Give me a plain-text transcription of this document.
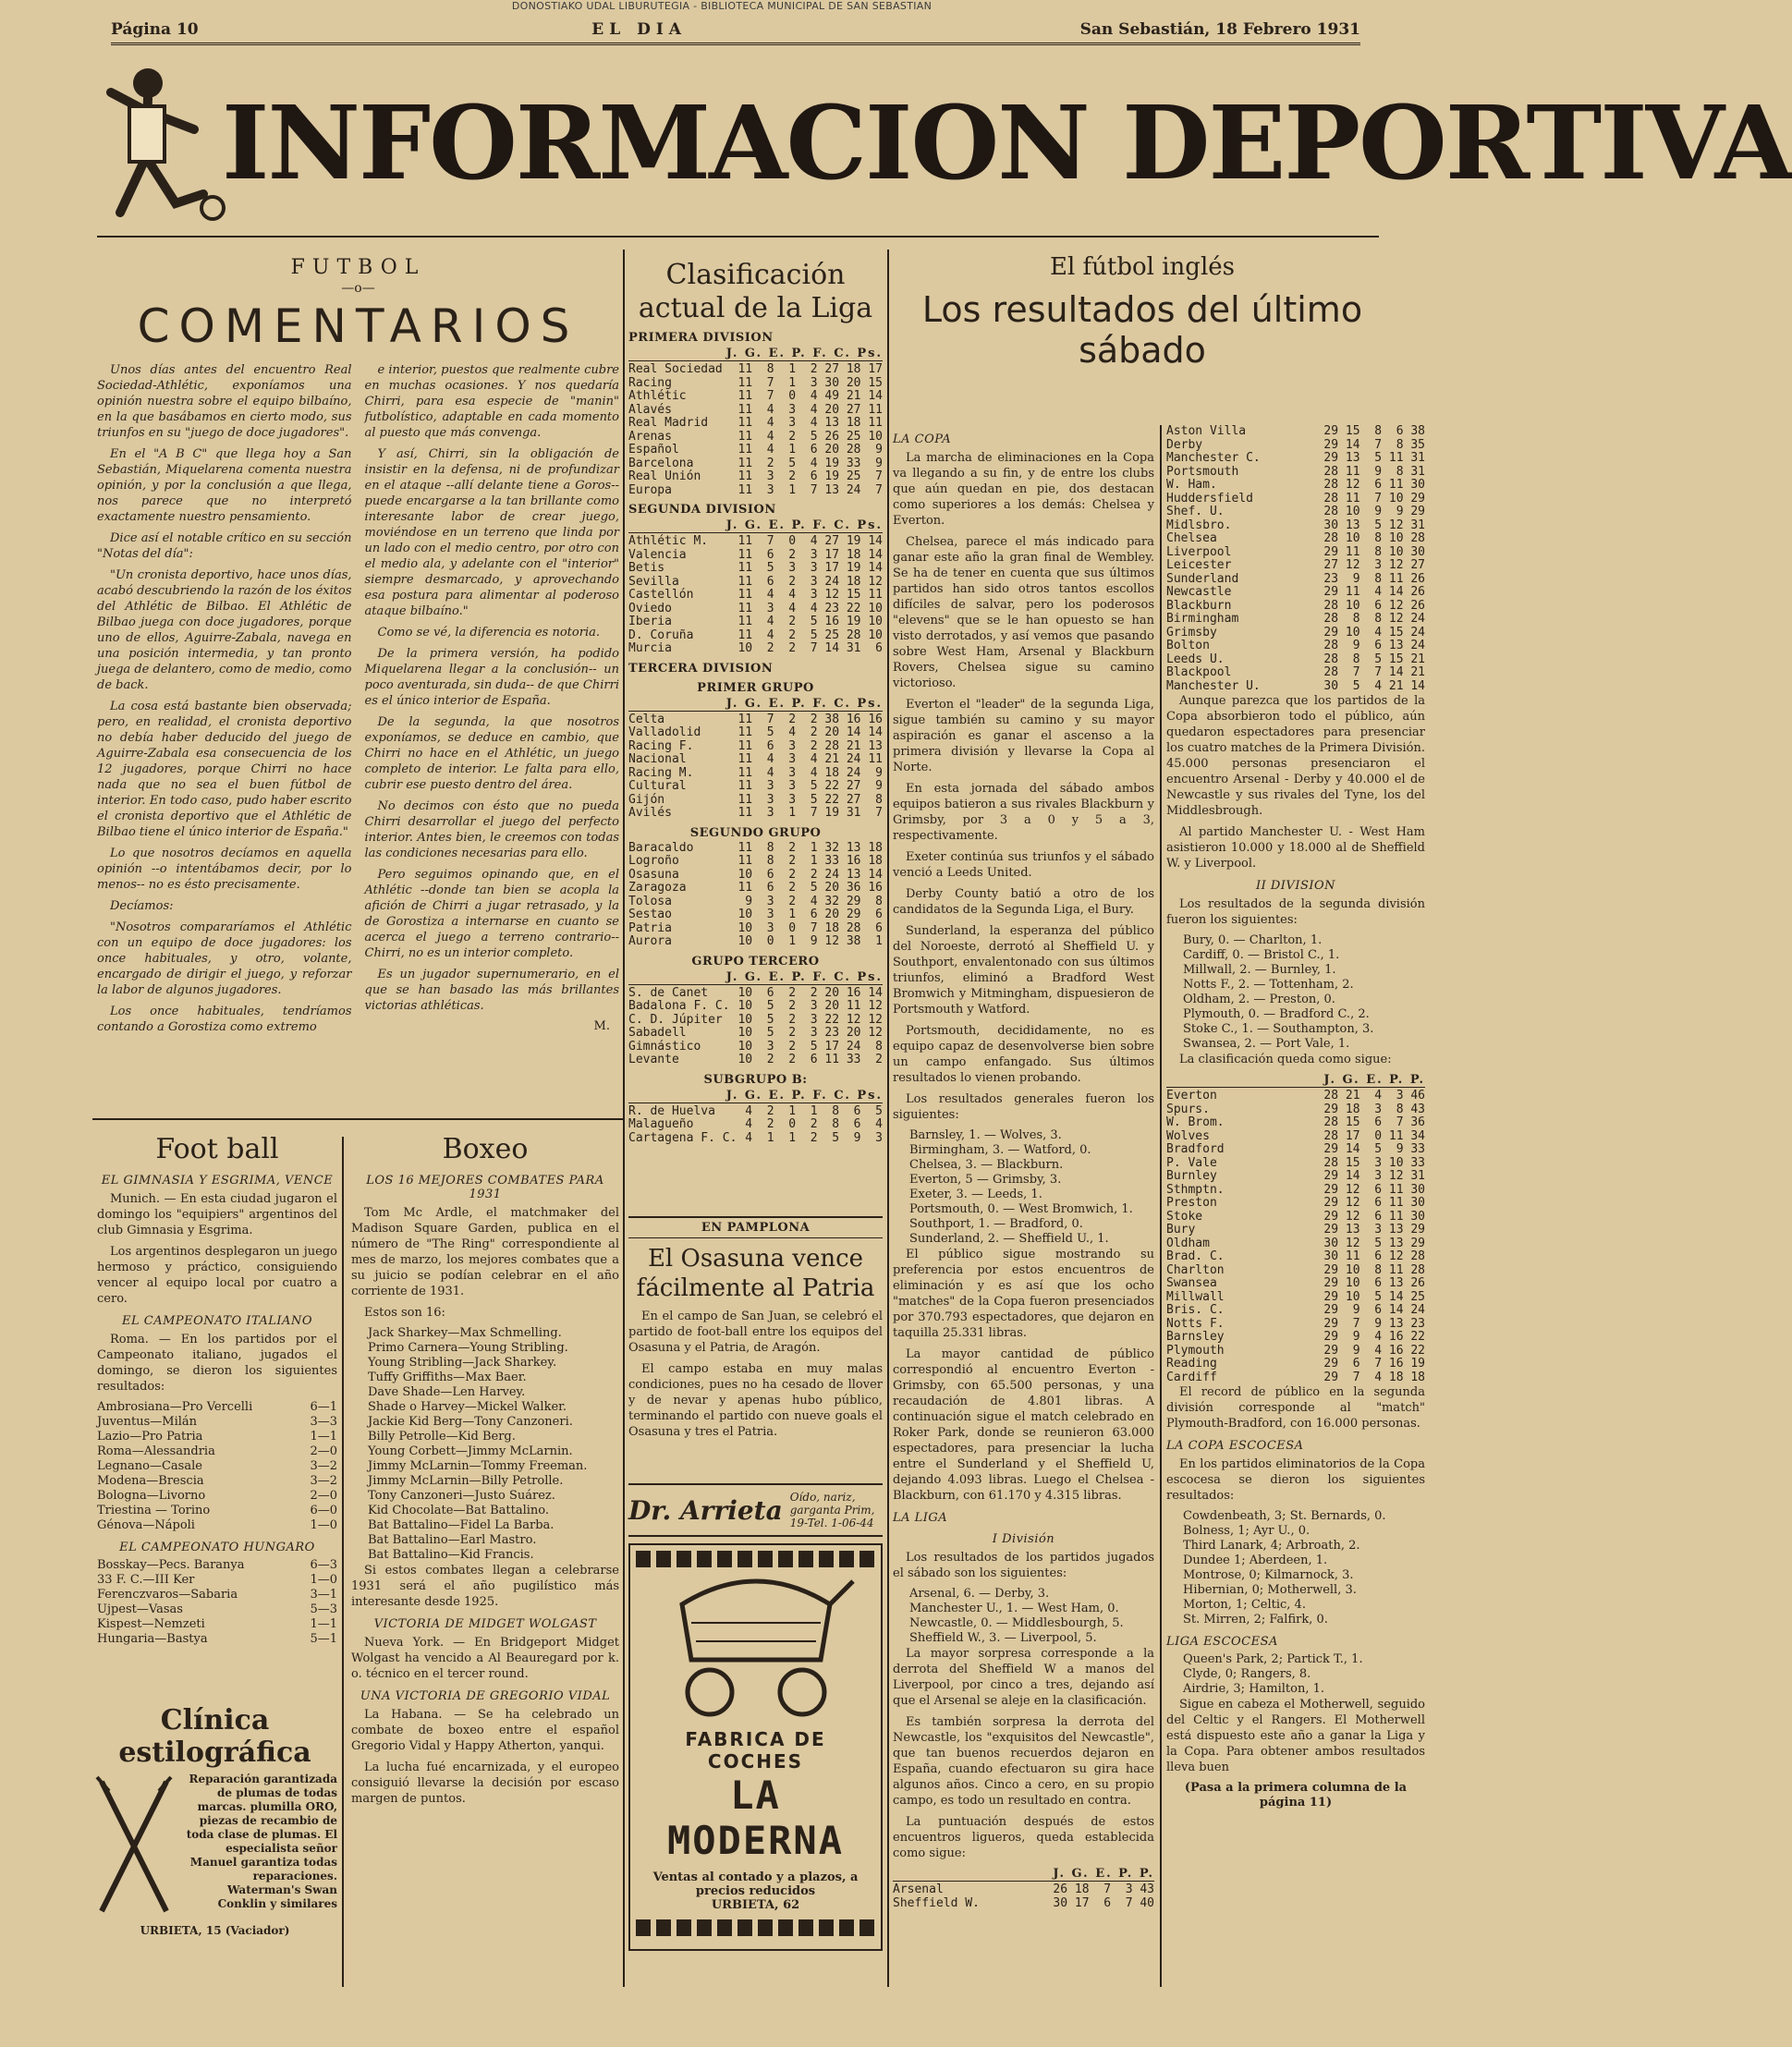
DONOSTIAKO UDAL LIBURUTEGIA - BIBLIOTECA MUNICIPAL DE SAN SEBASTIAN
Página 10	EL DIA	San Sebastián, 18 Febrero 1931
INFORMACION DEPORTIVA
FUTBOL
—o—
COMENTARIOS

Unos días antes del encuentro Real Sociedad-Athlétic, exponíamos una opinión nuestra sobre el equipo bilbaíno, en la que basábamos en cierto modo, sus triunfos en su "juego de doce jugadores".

En el "A B C" que llega hoy a San Sebastián, Miquelarena comenta nuestra opinión, y por la conclusión a que llega, nos parece que no interpretó exactamente nuestro pensamiento.

Dice así el notable crítico en su sección "Notas del día":

"Un cronista deportivo, hace unos días, acabó descubriendo la razón de los éxitos del Athlétic de Bilbao. El Athlétic de Bilbao juega con doce jugadores, porque uno de ellos, Aguirre-Zabala, navega en una posición intermedia, y tan pronto juega de delantero, como de medio, como de back.

La cosa está bastante bien observada; pero, en realidad, el cronista deportivo no debía haber deducido del juego de Aguirre-Zabala esa consecuencia de los 12 jugadores, porque Chirri no hace nada que no sea el buen fútbol de interior. En todo caso, pudo haber escrito el cronista deportivo que el Athlétic de Bilbao tiene el único interior de España."

Lo que nosotros decíamos en aquella opinión --o intentábamos decir, por lo menos-- no es ésto precisamente.

Decíamos:

"Nosotros compararíamos el Athlétic con un equipo de doce jugadores: los once habituales, y otro, volante, encargado de dirigir el juego, y reforzar la labor de algunos jugadores.

Los once habituales, tendríamos contando a Gorostiza como extremo

e interior, puestos que realmente cubre en muchas ocasiones. Y nos quedaría Chirri, para esa especie de "manin" futbolístico, adaptable en cada momento al puesto que más convenga.

Y así, Chirri, sin la obligación de insistir en la defensa, ni de profundizar en el ataque --allí delante tiene a Goros-- puede encargarse a la tan brillante como interesante labor de crear juego, moviéndose en un terreno que linda por un lado con el medio centro, por otro con el medio ala, y adelante con el "interior" siempre desmarcado, y aprovechando esa postura para alimentar al poderoso ataque bilbaíno."

Como se vé, la diferencia es notoria.

De la primera versión, ha podido Miquelarena llegar a la conclusión-- un poco aventurada, sin duda-- de que Chirri es el único interior de España.

De la segunda, la que nosotros exponíamos, se deduce en cambio, que Chirri no hace en el Athlétic, un juego completo de interior. Le falta para ello, cubrir ese puesto dentro del área.

No decimos con ésto que no pueda Chirri desarrollar el juego del perfecto interior. Antes bien, le creemos con todas las condiciones necesarias para ello.

Pero seguimos opinando que, en el Athlétic --donde tan bien se acopla la afición de Chirri a jugar retrasado, y la de Gorostiza a internarse en cuanto se acerca el juego a terreno contrario-- Chirri, no es un interior completo.

Es un jugador supernumerario, en el que se han basado las más brillantes victorias athléticas.

M.
Foot ball
EL GIMNASIA Y ESGRIMA, VENCE

Munich. — En esta ciudad jugaron el domingo los "equipiers" argentinos del club Gimnasia y Esgrima.

Los argentinos desplegaron un juego hermoso y práctico, consiguiendo vencer al equipo local por cuatro a cero.

EL CAMPEONATO ITALIANO

Roma. — En los partidos por el Campeonato italiano, jugados el domingo, se dieron los siguientes resultados:

Ambrosiana—Pro Vercelli	6—1
Juventus—Milán	3—3
Lazio—Pro Patria	1—1
Roma—Alessandria	2—0
Legnano—Casale	3—2
Modena—Brescia	3—2
Bologna—Livorno	2—0
Triestina — Torino	6—0
Génova—Nápoli	1—0
EL CAMPEONATO HUNGARO
Bosskay—Pecs. Baranya	6—3
33 F. C.—III Ker	1—0
Ferenczvaros—Sabaria	3—1
Ujpest—Vasas	5—3
Kispest—Nemzeti	1—1
Hungaria—Bastya	5—1
Clínica estilográfica
Reparación garantizada de plumas de todas marcas. plumilla ORO, piezas de recambio de toda clase de plumas. El especialista señor Manuel garantiza todas reparaciones. Waterman's Swan Conklin y similares
URBIETA, 15 (Vaciador)
Boxeo
LOS 16 MEJORES COMBATES PARA 1931

Tom Mc Ardle, el matchmaker del Madison Square Garden, publica en el número de "The Ring" correspondiente al mes de marzo, los mejores combates que a su juicio se podían celebrar en el año corriente de 1931.

Estos son 16:

Jack Sharkey—Max Schmelling.
Primo Carnera—Young Stribling.
Young Stribling—Jack Sharkey.
Tuffy Griffiths—Max Baer.
Dave Shade—Len Harvey.
Shade o Harvey—Mickel Walker.
Jackie Kid Berg—Tony Canzoneri.
Billy Petrolle—Kid Berg.
Young Corbett—Jimmy McLarnin.
Jimmy McLarnin—Tommy Freeman.
Jimmy McLarnin—Billy Petrolle.
Tony Canzoneri—Justo Suárez.
Kid Chocolate—Bat Battalino.
Bat Battalino—Fidel La Barba.
Bat Battalino—Earl Mastro.
Bat Battalino—Kid Francis.

Si estos combates llegan a celebrarse 1931 será el año pugilístico más interesante desde 1925.

VICTORIA DE MIDGET WOLGAST

Nueva York. — En Bridgeport Midget Wolgast ha vencido a Al Beauregard por k. o. técnico en el tercer round.

UNA VICTORIA DE GREGORIO VIDAL

La Habana. — Se ha celebrado un combate de boxeo entre el español Gregorio Vidal y Happy Atherton, yanqui.

La lucha fué encarnizada, y el europeo consiguió llevarse la decisión por escaso margen de puntos.

Clasificación
actual de la Liga
PRIMERA DIVISION
J. G. E. P. F. C. Ps.
Real Sociedad	11  8  1  2 27 18 17
Racing	11  7  1  3 30 20 15
Athlétic	11  7  0  4 49 21 14
Alavés	11  4  3  4 20 27 11
Real Madrid	11  4  3  4 13 18 11
Arenas	11  4  2  5 26 25 10
Español	11  4  1  6 20 28  9
Barcelona	11  2  5  4 19 33  9
Real Unión	11  3  2  6 19 25  7
Europa	11  3  1  7 13 24  7
SEGUNDA DIVISION
J. G. E. P. F. C. Ps.
Athlétic M.	11  7  0  4 27 19 14
Valencia	11  6  2  3 17 18 14
Betis	11  5  3  3 17 19 14
Sevilla	11  6  2  3 24 18 12
Castellón	11  4  4  3 12 15 11
Oviedo	11  3  4  4 23 22 10
Iberia	11  4  2  5 16 19 10
D. Coruña	11  4  2  5 25 28 10
Murcia	10  2  2  7 14 31  6
TERCERA DIVISION
PRIMER GRUPO
J. G. E. P. F. C. Ps.
Celta	11  7  2  2 38 16 16
Valladolid	11  5  4  2 20 14 14
Racing F.	11  6  3  2 28 21 13
Nacional	11  4  3  4 21 24 11
Racing M.	11  4  3  4 18 24  9
Cultural	11  3  3  5 22 27  9
Gijón	11  3  3  5 22 27  8
Avilés	11  3  1  7 19 31  7
SEGUNDO GRUPO
Baracaldo	11  8  2  1 32 13 18
Logroño	11  8  2  1 33 16 18
Osasuna	10  6  2  2 24 13 14
Zaragoza	11  6  2  5 20 36 16
Tolosa	9  3  2  4 32 29  8
Sestao	10  3  1  6 20 29  6
Patria	10  3  0  7 18 28  6
Aurora	10  0  1  9 12 38  1
GRUPO TERCERO
J. G. E. P. F. C. Ps.
S. de Canet	10  6  2  2 20 16 14
Badalona F. C. 10  5  2  3 20 11 12
C. D. Júpiter	10  5  2  3 22 12 12
Sabadell	10  5  2  3 23 20 12
Gimnástico	10  3  2  5 17 24  8
Levante	10  2  2  6 11 33  2
SUBGRUPO B:
J. G. E. P. F. C. Ps.
R. de Huelva	4  2  1  1  8  6  5
Malagueño	4  2  0  2  8  6  4
Cartagena F. C. 4  1  1  2  5  9  3
EN PAMPLONA
El Osasuna vence fácilmente al Patria

En el campo de San Juan, se celebró el partido de foot-ball entre los equipos del Osasuna y el Patria, de Aragón.

El campo estaba en muy malas condiciones, pues no ha cesado de llover y de nevar y apenas hubo público, terminando el partido con nueve goals el Osasuna y tres el Patria.

Dr. Arrieta Oído, nariz, garganta Prim, 19-Tel. 1-06-44
FABRICA DE COCHES
LA MODERNA
Ventas al contado y a plazos, a precios reducidos
URBIETA, 62
El fútbol inglés
Los resultados del último sábado
LA COPA

La marcha de eliminaciones en la Copa va llegando a su fin, y de entre los clubs que aún quedan en pie, dos destacan como superiores a los demás: Chelsea y Everton.

Chelsea, parece el más indicado para ganar este año la gran final de Wembley. Se ha de tener en cuenta que sus últimos partidos han sido otros tantos escollos difíciles de salvar, pero los poderosos "elevens" que se le han opuesto se han visto derrotados, y así vemos que pasando sobre West Ham, Arsenal y Blackburn Rovers, Chelsea sigue su camino victorioso.

Everton el "leader" de la segunda Liga, sigue también su camino y su mayor aspiración es ganar el ascenso a la primera división y llevarse la Copa al Norte.

En esta jornada del sábado ambos equipos batieron a sus rivales Blackburn y Grimsby, por 3 a 0 y 5 a 3, respectivamente.

Exeter continúa sus triunfos y el sábado venció a Leeds United.

Derby County batió a otro de los candidatos de la Segunda Liga, el Bury.

Sunderland, la esperanza del público del Noroeste, derrotó al Sheffield U. y Southport, envalentonado con sus últimos triunfos, eliminó a Bradford West Bromwich y Mitmingham, dispuesieron de Portsmouth y Watford.

Portsmouth, decididamente, no es equipo capaz de desenvolverse bien sobre un campo enfangado. Sus últimos resultados lo vienen probando.

Los resultados generales fueron los siguientes:

Barnsley, 1. — Wolves, 3.
Birmingham, 3. — Watford, 0.
Chelsea, 3. — Blackburn.
Everton, 5 — Grimsby, 3.
Exeter, 3. — Leeds, 1.
Portsmouth, 0. — West Bromwich, 1.
Southport, 1. — Bradford, 0.
Sunderland, 2. — Sheffield U., 1.

El público sigue mostrando su preferencia por estos encuentros de eliminación y es así que los ocho "matches" de la Copa fueron presenciados por 370.793 espectadores, que dejaron en taquilla 25.331 libras.

La mayor cantidad de público correspondió al encuentro Everton - Grimsby, con 65.500 personas, y una recaudación de 4.801 libras. A continuación sigue el match celebrado en Roker Park, donde se reunieron 63.000 espectadores, para presenciar la lucha entre el Sunderland y el Sheffield U, dejando 4.093 libras. Luego el Chelsea - Blackburn, con 61.170 y 4.315 libras.

LA LIGA
I División

Los resultados de los partidos jugados el sábado son los siguientes:

Arsenal, 6. — Derby, 3.
Manchester U., 1. — West Ham, 0.
Newcastle, 0. — Middlesbourgh, 5.
Sheffield W., 3. — Liverpool, 5.

La mayor sorpresa corresponde a la derrota del Sheffield W a manos del Liverpool, por cinco a tres, dejando así que el Arsenal se aleje en la clasificación.

Es también sorpresa la derrota del Newcastle, los "exquisitos del Newcastle", que tan buenos recuerdos dejaron en España, cuando efectuaron su gira hace algunos años. Cinco a cero, en su propio campo, es todo un resultado en contra.

La puntuación después de estos encuentros ligueros, queda establecida como sigue:

J. G. E. P. P.
Arsenal	26 18  7  3 43
Sheffield W.	30 17  6  7 40
Aston Villa	29 15  8  6 38
Derby	29 14  7  8 35
Manchester C.	29 13  5 11 31
Portsmouth	28 11  9  8 31
W. Ham.	28 12  6 11 30
Huddersfield	28 11  7 10 29
Shef. U.	28 10  9  9 29
Midlsbro.	30 13  5 12 31
Chelsea	28 10  8 10 28
Liverpool	29 11  8 10 30
Leicester	27 12  3 12 27
Sunderland	23  9  8 11 26
Newcastle	29 11  4 14 26
Blackburn	28 10  6 12 26
Birmingham	28  8  8 12 24
Grimsby	29 10  4 15 24
Bolton	28  9  6 13 24
Leeds U.	28  8  5 15 21
Blackpool	28  7  7 14 21
Manchester U.	30  5  4 21 14

Aunque parezca que los partidos de la Copa absorbieron todo el público, aún quedaron espectadores para presenciar los cuatro matches de la Primera División. 45.000 personas presenciaron el encuentro Arsenal - Derby y 40.000 el de Newcastle y sus rivales del Tyne, los del Middlesbrough.

Al partido Manchester U. - West Ham asistieron 10.000 y 18.000 al de Sheffield W. y Liverpool.

II DIVISION

Los resultados de la segunda división fueron los siguientes:

Bury, 0. — Charlton, 1.
Cardiff, 0. — Bristol C., 1.
Millwall, 2. — Burnley, 1.
Notts F., 2. — Tottenham, 2.
Oldham, 2. — Preston, 0.
Plymouth, 0. — Bradford C., 2.
Stoke C., 1. — Southampton, 3.
Swansea, 2. — Port Vale, 1.

La clasificación queda como sigue:

J. G. E. P. P.
Everton	28 21  4  3 46
Spurs.	29 18  3  8 43
W. Brom.	28 15  6  7 36
Wolves	28 17  0 11 34
Bradford	29 14  5  9 33
P. Vale	28 15  3 10 33
Burnley	29 14  3 12 31
Sthmptn.	29 12  6 11 30
Preston	29 12  6 11 30
Stoke	29 12  6 11 30
Bury	29 13  3 13 29
Oldham	30 12  5 13 29
Brad. C.	30 11  6 12 28
Charlton	29 10  8 11 28
Swansea	29 10  6 13 26
Millwall	29 10  5 14 25
Bris. C.	29  9  6 14 24
Notts F.	29  7  9 13 23
Barnsley	29  9  4 16 22
Plymouth	29  9  4 16 22
Reading	29  6  7 16 19
Cardiff	29  7  4 18 18

El record de público en la segunda división corresponde al "match" Plymouth-Bradford, con 16.000 personas.

LA COPA ESCOCESA

En los partidos eliminatorios de la Copa escocesa se dieron los siguientes resultados:

Cowdenbeath, 3; St. Bernards, 0.
Bolness, 1; Ayr U., 0.
Third Lanark, 4; Arbroath, 2.
Dundee 1; Aberdeen, 1.
Montrose, 0; Kilmarnock, 3.
Hibernian, 0; Motherwell, 3.
Morton, 1; Celtic, 4.
St. Mirren, 2; Falfirk, 0.
LIGA ESCOCESA
Queen's Park, 2; Partick T., 1.
Clyde, 0; Rangers, 8.
Airdrie, 3; Hamilton, 1.

Sigue en cabeza el Motherwell, seguido del Celtic y el Rangers. El Motherwell está dispuesto este año a ganar la Liga y la Copa. Para obtener ambos resultados lleva buen

(Pasa a la primera columna de la página 11)
